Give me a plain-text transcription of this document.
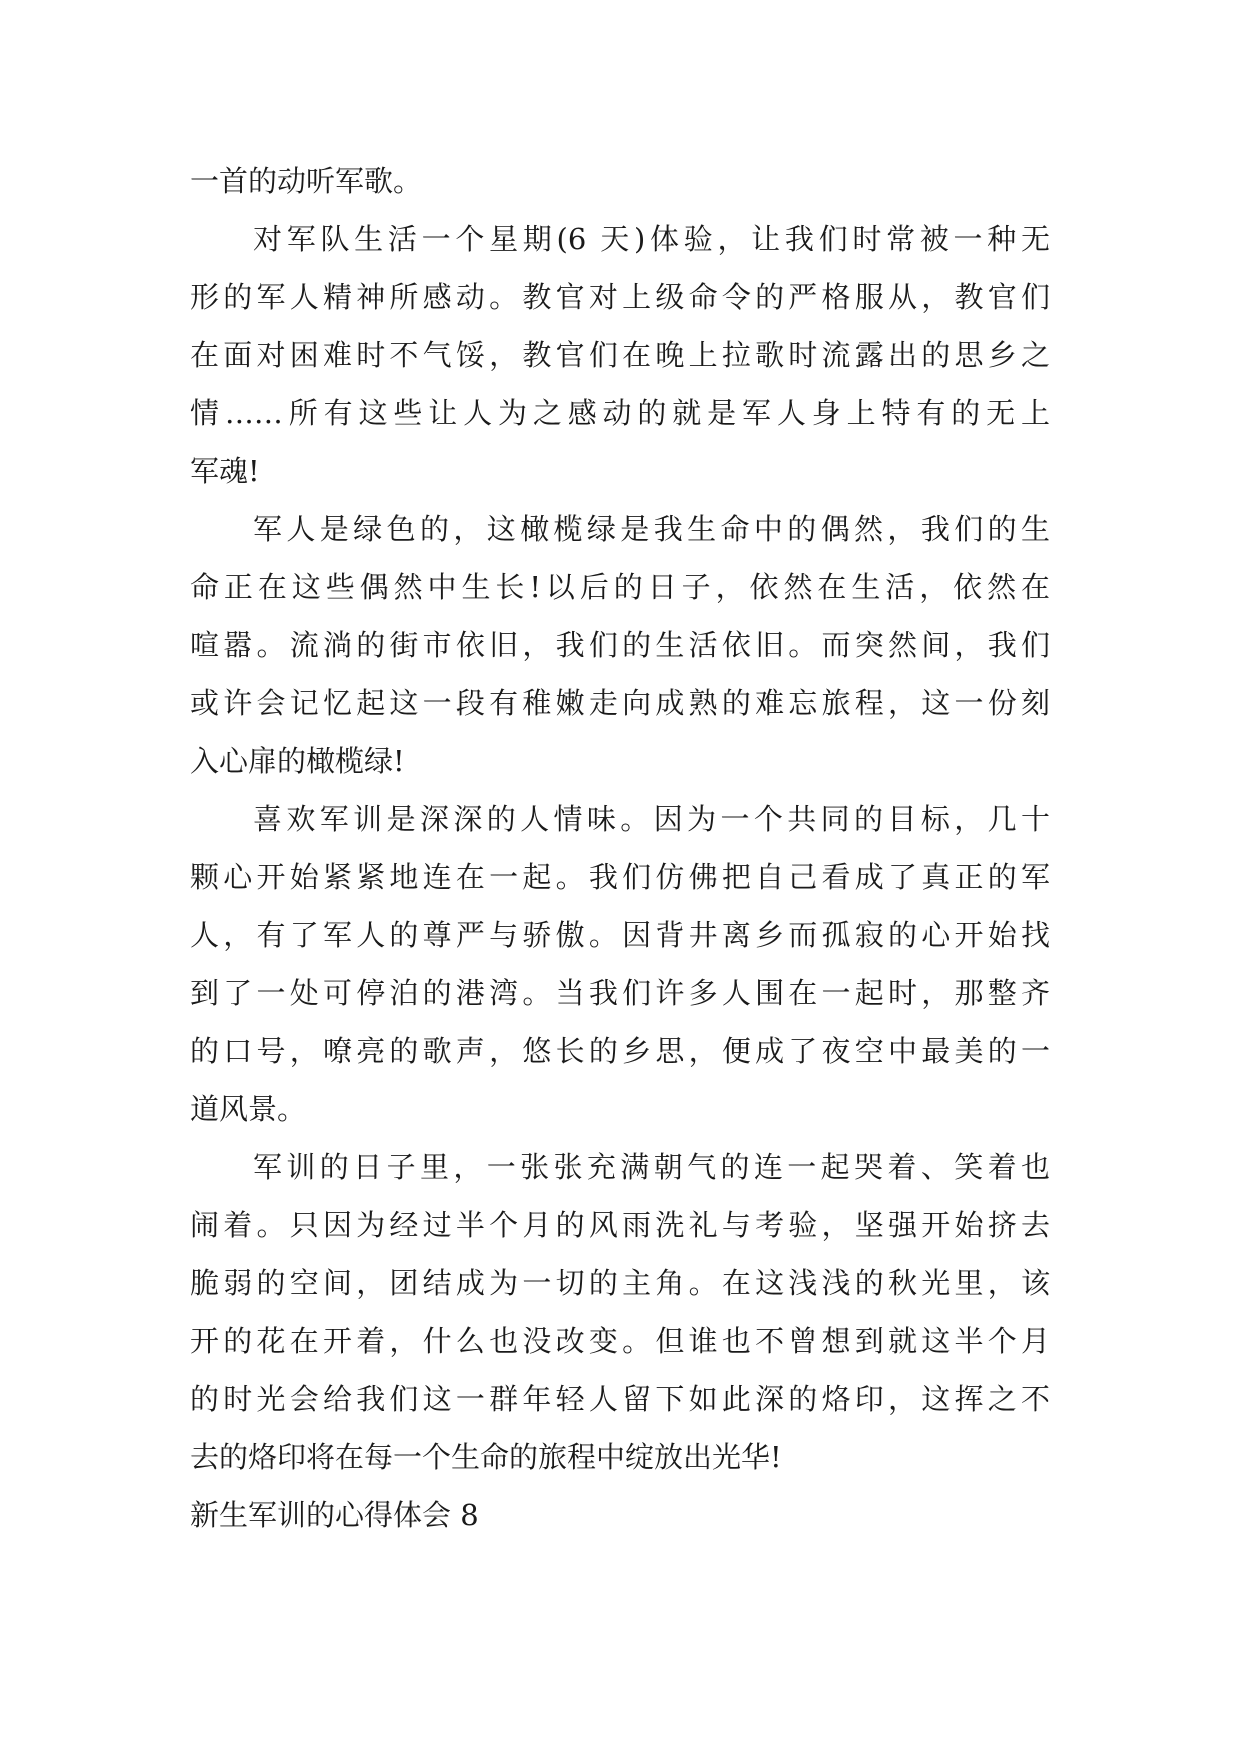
一首的动听军歌。
对军队生活一个星期(6 天)体验，让我们时常被一种无
形的军人精神所感动。教官对上级命令的严格服从，教官们
在面对困难时不气馁，教官们在晚上拉歌时流露出的思乡之
情……所有这些让人为之感动的就是军人身上特有的无上
军魂!
军人是绿色的，这橄榄绿是我生命中的偶然，我们的生
命正在这些偶然中生长!以后的日子，依然在生活，依然在
喧嚣。流淌的街市依旧，我们的生活依旧。而突然间，我们
或许会记忆起这一段有稚嫩走向成熟的难忘旅程，这一份刻
入心扉的橄榄绿!
喜欢军训是深深的人情味。因为一个共同的目标，几十
颗心开始紧紧地连在一起。我们仿佛把自己看成了真正的军
人，有了军人的尊严与骄傲。因背井离乡而孤寂的心开始找
到了一处可停泊的港湾。当我们许多人围在一起时，那整齐
的口号，嘹亮的歌声，悠长的乡思，便成了夜空中最美的一
道风景。
军训的日子里，一张张充满朝气的连一起哭着、笑着也
闹着。只因为经过半个月的风雨洗礼与考验，坚强开始挤去
脆弱的空间，团结成为一切的主角。在这浅浅的秋光里，该
开的花在开着，什么也没改变。但谁也不曾想到就这半个月
的时光会给我们这一群年轻人留下如此深的烙印，这挥之不
去的烙印将在每一个生命的旅程中绽放出光华!
新生军训的心得体会 8
